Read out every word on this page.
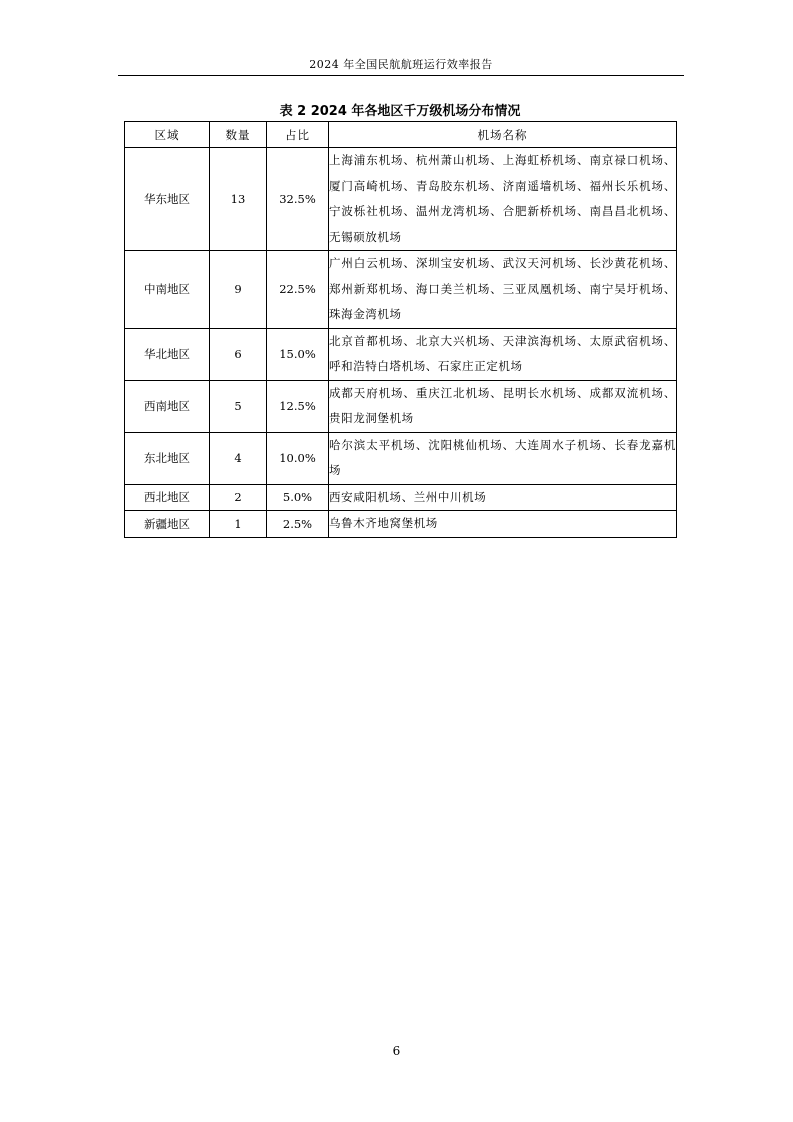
2024 年全国民航航班运行效率报告
表 2 2024 年各地区千万级机场分布情况
区域	数量	占比	机场名称
华东地区	13	32.5%	上海浦东机场、杭州萧山机场、上海虹桥机场、南京禄口机场、厦门高崎机场、青岛胶东机场、济南遥墙机场、福州长乐机场、宁波栎社机场、温州龙湾机场、合肥新桥机场、南昌昌北机场、无锡硕放机场
中南地区	9	22.5%	广州白云机场、深圳宝安机场、武汉天河机场、长沙黄花机场、郑州新郑机场、海口美兰机场、三亚凤凰机场、南宁吴圩机场、珠海金湾机场
华北地区	6	15.0%	北京首都机场、北京大兴机场、天津滨海机场、太原武宿机场、呼和浩特白塔机场、石家庄正定机场
西南地区	5	12.5%	成都天府机场、重庆江北机场、昆明长水机场、成都双流机场、贵阳龙洞堡机场
东北地区	4	10.0%	哈尔滨太平机场、沈阳桃仙机场、大连周水子机场、长春龙嘉机场
西北地区	2	5.0%	西安咸阳机场、兰州中川机场
新疆地区	1	2.5%	乌鲁木齐地窝堡机场
6
